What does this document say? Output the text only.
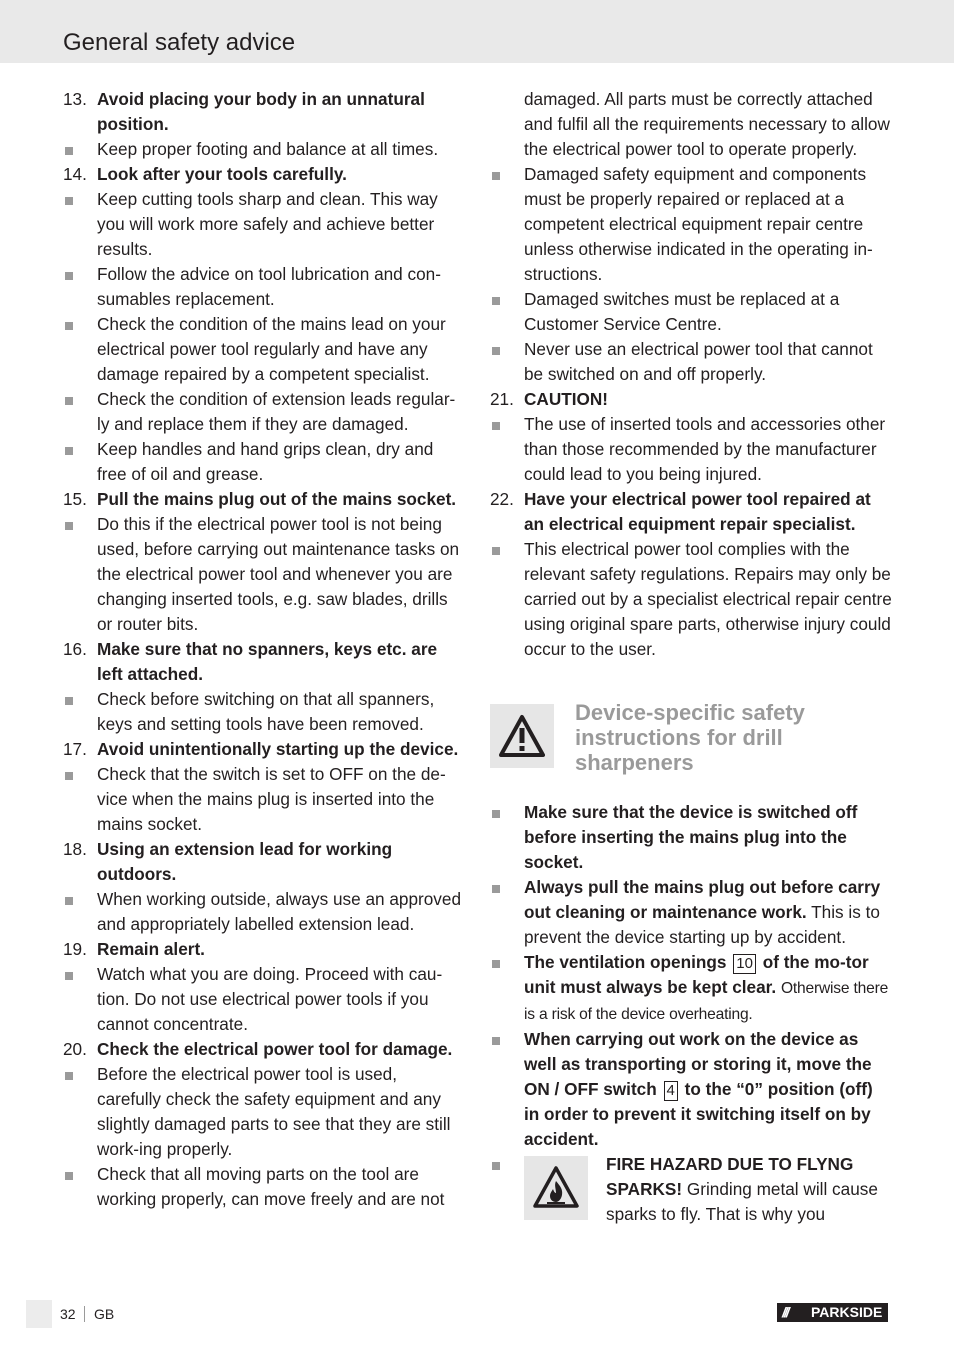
General safety advice
13. Avoid placing your body in an unnatural position.
Keep proper footing and balance at all times.
14. Look after your tools carefully.
Keep cutting tools sharp and clean. This way you will work more safely and achieve better results.
Follow the advice on tool lubrication and con-sumables replacement.
Check the condition of the mains lead on your electrical power tool regularly and have any damage repaired by a competent specialist.
Check the condition of extension leads regular-ly and replace them if they are damaged.
Keep handles and hand grips clean, dry and free of oil and grease.
15. Pull the mains plug out of the mains socket.
Do this if the electrical power tool is not being used, before carrying out maintenance tasks on the electrical power tool and whenever you are changing inserted tools, e.g. saw blades, drills or router bits.
16. Make sure that no spanners, keys etc. are left attached.
Check before switching on that all spanners, keys and setting tools have been removed.
17. Avoid unintentionally starting up the device.
Check that the switch is set to OFF on the de-vice when the mains plug is inserted into the mains socket.
18. Using an extension lead for working outdoors.
When working outside, always use an approved and appropriately labelled extension lead.
19. Remain alert.
Watch what you are doing. Proceed with cau-tion. Do not use electrical power tools if you cannot concentrate.
20. Check the electrical power tool for damage.
Before the electrical power tool is used, carefully check the safety equipment and any slightly damaged parts to see that they are still work-ing properly.
Check that all moving parts on the tool are working properly, can move freely and are not
damaged. All parts must be correctly attached and fulfil all the requirements necessary to allow the electrical power tool to operate properly.
Damaged safety equipment and components must be properly repaired or replaced at a competent electrical equipment repair centre unless otherwise indicated in the operating in-structions.
Damaged switches must be replaced at a Customer Service Centre.
Never use an electrical power tool that cannot be switched on and off properly.
21. CAUTION!
The use of inserted tools and accessories other than those recommended by the manufacturer could lead to you being injured.
22. Have your electrical power tool repaired at an electrical equipment repair specialist.
This electrical power tool complies with the relevant safety regulations. Repairs may only be carried out by a specialist electrical repair centre using original spare parts, otherwise injury could occur to the user.
Device-specific safety instructions for drill sharpeners
Make sure that the device is switched off before inserting the mains plug into the socket.
Always pull the mains plug out before carry out cleaning or maintenance work. This is to prevent the device starting up by accident.
The ventilation openings 10 of the mo-tor unit must always be kept clear. Otherwise there is a risk of the device overheating.
When carrying out work on the device as well as transporting or storing it, move the ON / OFF switch 4 to the “0” position (off) in order to prevent it switching itself on by accident.
FIRE HAZARD DUE TO FLYNG SPARKS! Grinding metal will cause sparks to fly. That is why you
32 GB	/// PARKSIDE
